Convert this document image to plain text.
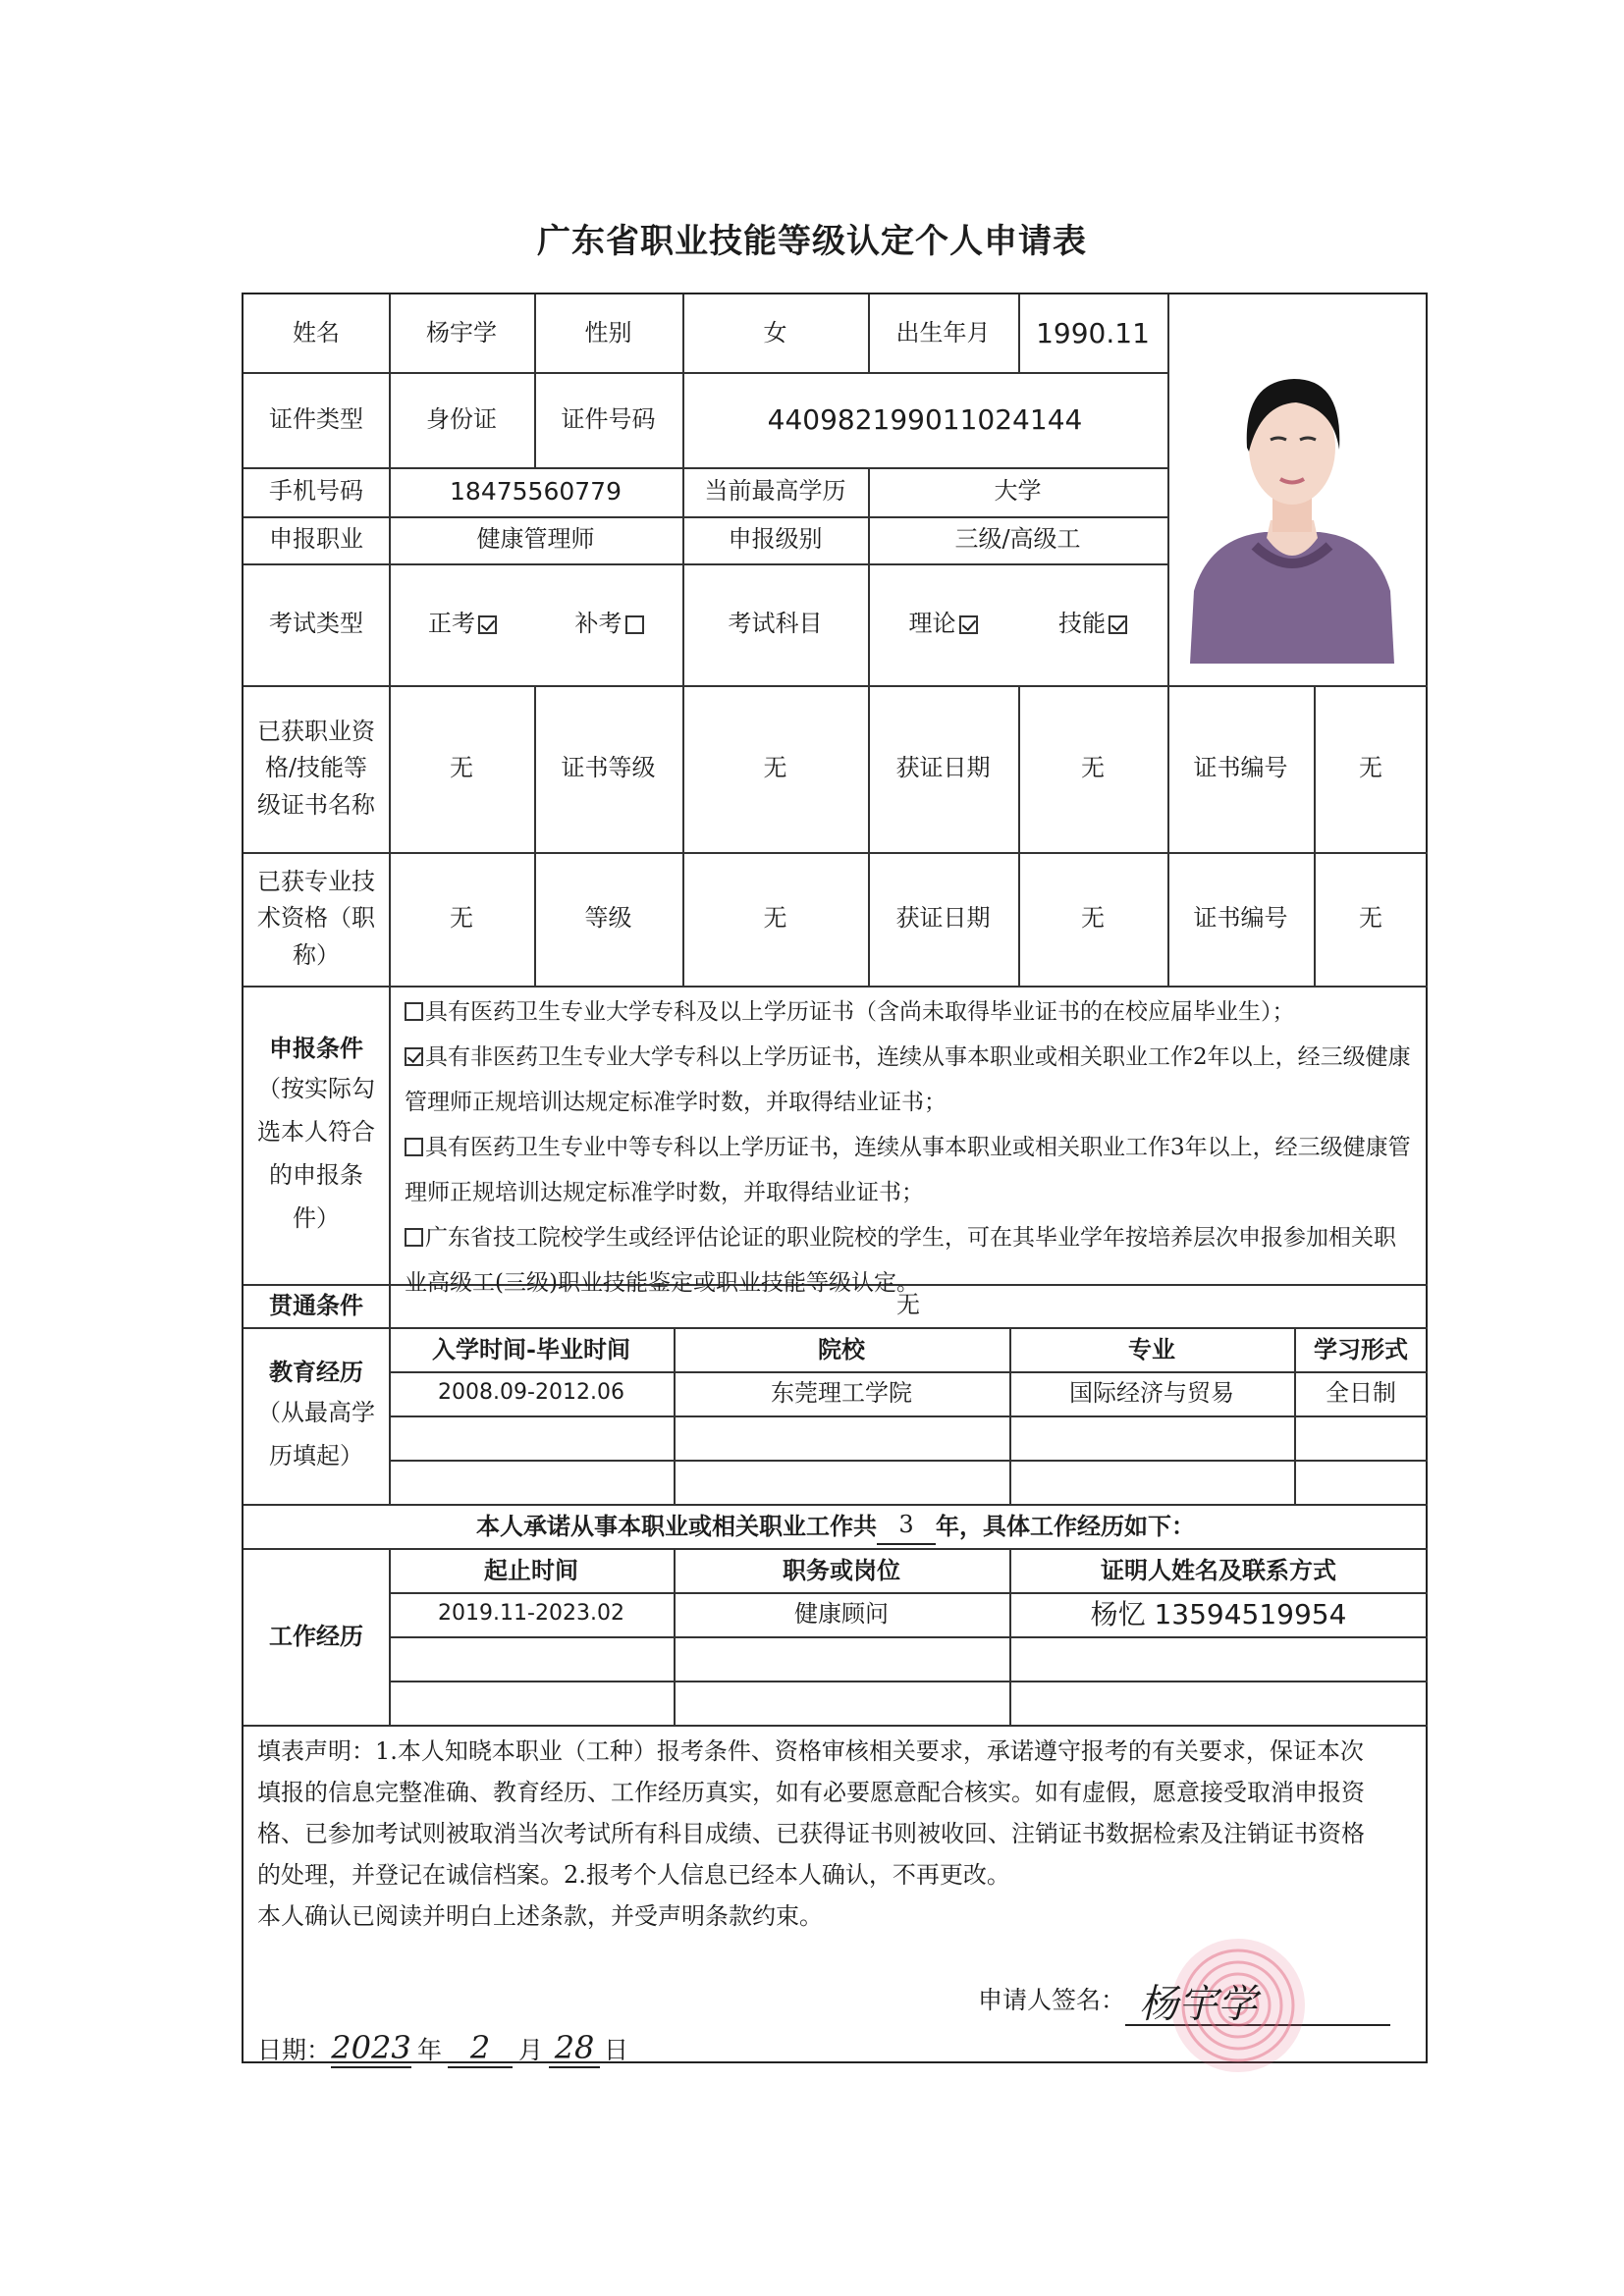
广东省职业技能等级认定个人申请表
姓名	杨宇学	性别	女	出生年月	1990.11
证件类型	身份证	证件号码	440982199011024144
手机号码	18475560779	当前最高学历	大学
申报职业	健康管理师	申报级别	三级/高级工
考试类型	正考	补考	考试科目	理论	技能
已获职业资格/技能等级证书名称
无	证书等级	无	获证日期	无	证书编号	无
已获专业技术资格（职称）
无	等级	无	获证日期	无	证书编号	无
申报条件
（按实际勾选本人符合的申报条件）
具有医药卫生专业大学专科及以上学历证书（含尚未取得毕业证书的在校应届毕业生）；
具有非医药卫生专业大学专科以上学历证书，连续从事本职业或相关职业工作2年以上，经三级健康管理师正规培训达规定标准学时数，并取得结业证书；
具有医药卫生专业中等专科以上学历证书，连续从事本职业或相关职业工作3年以上，经三级健康管理师正规培训达规定标准学时数，并取得结业证书；
广东省技工院校学生或经评估论证的职业院校的学生，可在其毕业学年按培养层次申报参加相关职业高级工(三级)职业技能鉴定或职业技能等级认定。
贯通条件	无
教育经历
（从最高学历填起）
入学时间-毕业时间	院校	专业	学习形式
2008.09-2012.06	东莞理工学院	国际经济与贸易	全日制
本人承诺从事本职业或相关职业工作共 3 年，具体工作经历如下：
工作经历
起止时间	职务或岗位	证明人姓名及联系方式
2019.11-2023.02	健康顾问	杨忆 13594519954
填表声明：1.本人知晓本职业（工种）报考条件、资格审核相关要求，承诺遵守报考的有关要求，保证本次
填报的信息完整准确、教育经历、工作经历真实，如有必要愿意配合核实。如有虚假，愿意接受取消申报资
格、已参加考试则被取消当次考试所有科目成绩、已获得证书则被收回、注销证书数据检索及注销证书资格
的处理，并登记在诚信档案。2.报考个人信息已经本人确认，不再更改。
本人确认已阅读并明白上述条款，并受声明条款约束。
申请人签名： 杨宇学
日期： 2023 年 2	月 28 日
